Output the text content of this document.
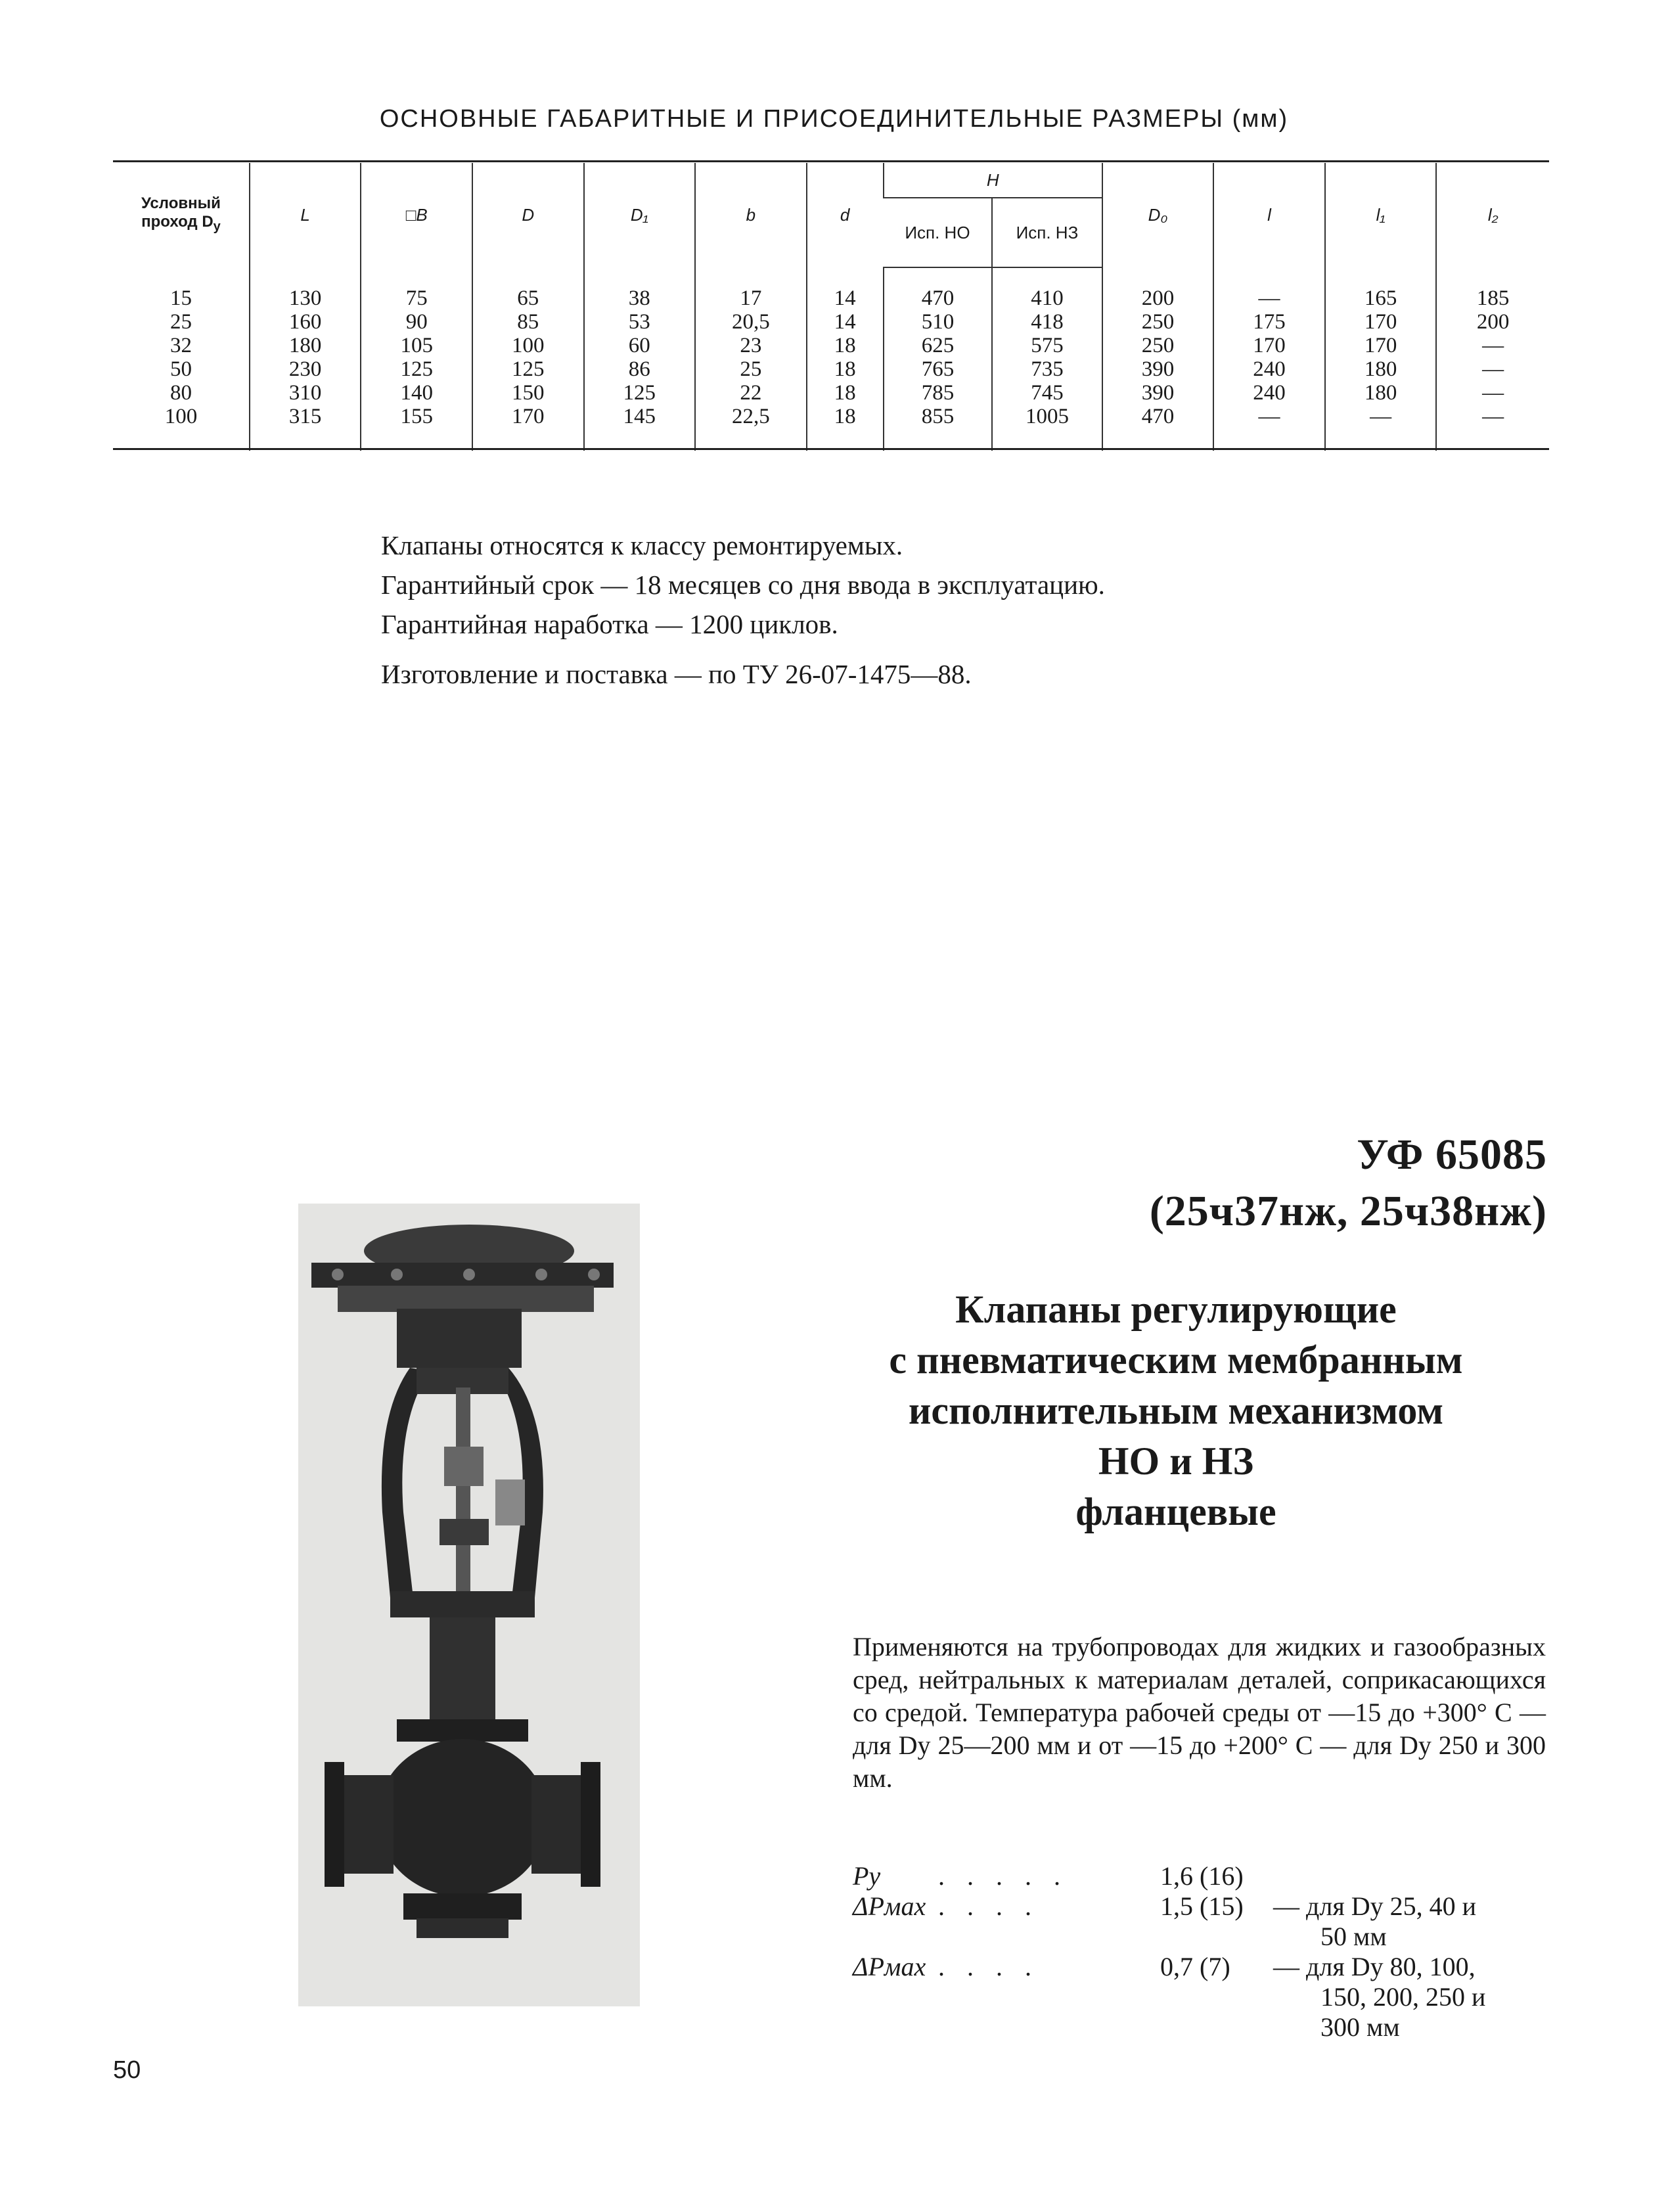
ОСНОВНЫЕ ГАБАРИТНЫЕ И ПРИСОЕДИНИТЕЛЬНЫЕ РАЗМЕРЫ (мм)
Условный
проход $D_у$	L	□B	D	D₁	b	d	H		D₀	l	l₁	l₂
							Исп. НО	Исп. НЗ				
15	130	75	65	38	17	14	470	410	200	—	165	185
25	160	90	85	53	20,5	14	510	418	250	175	170	200
32	180	105	100	60	23	18	625	575	250	170	170	—
50	230	125	125	86	25	18	765	735	390	240	180	—
80	310	140	150	125	22	18	785	745	390	240	180	—
100	315	155	170	145	22,5	18	855	1005	470	—	—	—
Клапаны относятся к классу ремонтируемых.
Гарантийный срок — 18 месяцев со дня ввода в эксплуатацию.
Гарантийная наработка — 1200 циклов.
Изготовление и поставка — по ТУ 26-07-1475—88.
УФ 65085
(25ч37нж, 25ч38нж)
Клапаны регулирующие
с пневматическим мембранным
исполнительным механизмом
НО и НЗ
фланцевые
Применяются на трубопроводах для жидких и газообразных сред, нейтральных к материалам деталей, соприкасающихся со средой. Температура рабочей среды от —15 до +300° С — для Dу 25—200 мм и от —15 до +200° С — для Dу 250 и 300 мм.
Pу .....	1,6 (16)
ΔPмах ....	1,5 (15) — для Dу 25, 40 и
50 мм
ΔPмах ....	0,7 (7) — для Dу 80, 100,
150, 200, 250 и
300 мм
50
